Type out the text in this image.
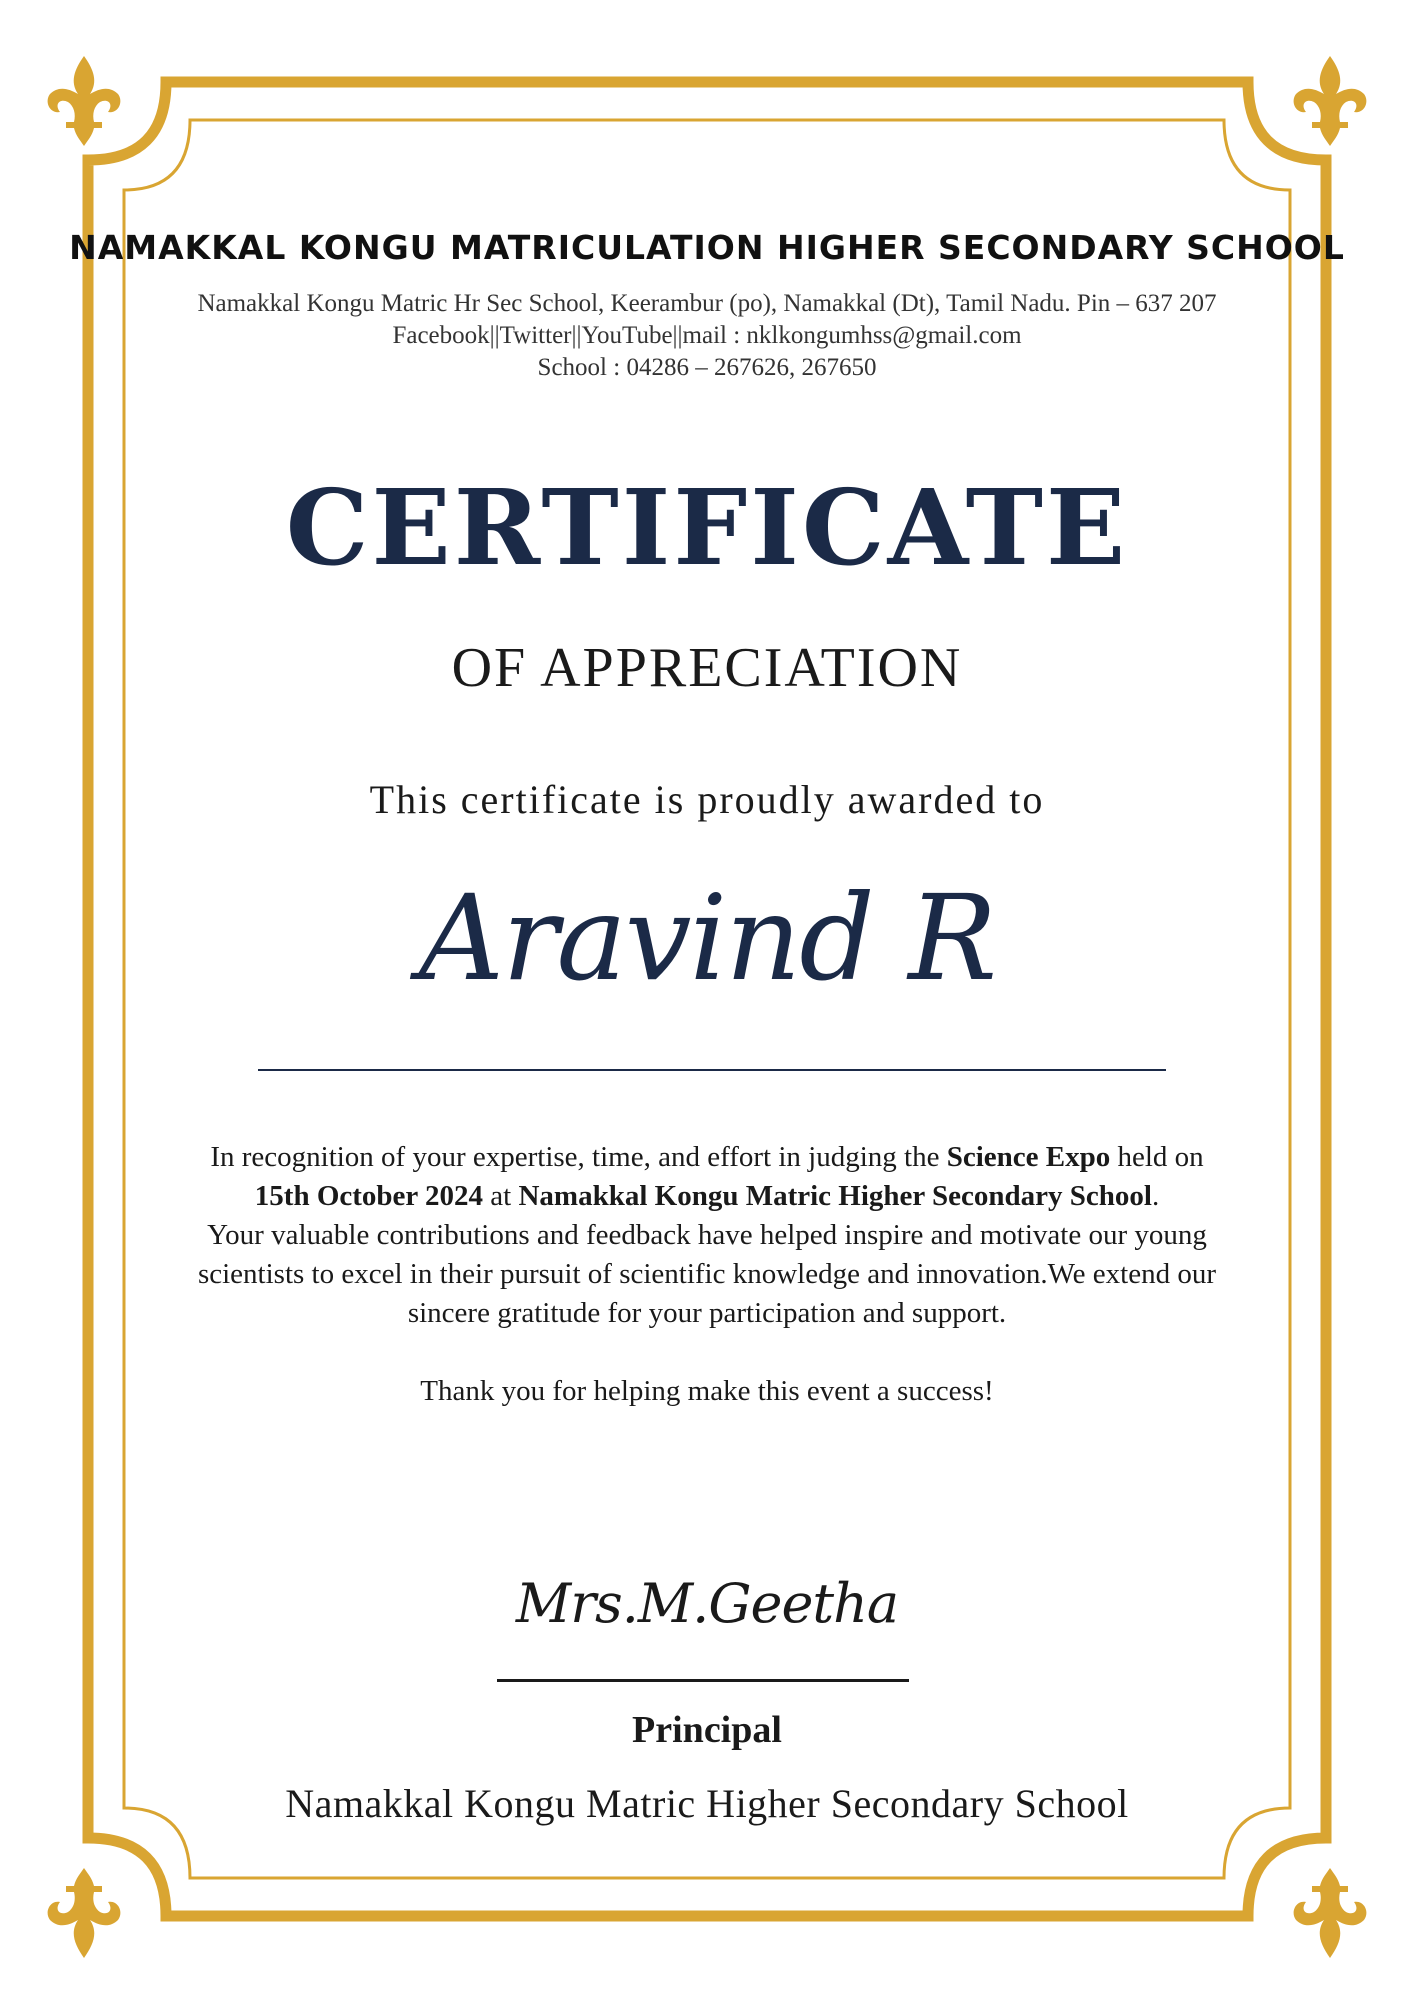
NAMAKKAL KONGU MATRICULATION HIGHER SECONDARY SCHOOL
Namakkal Kongu Matric Hr Sec School, Keerambur (po), Namakkal (Dt), Tamil Nadu. Pin – 637 207
Facebook||Twitter||YouTube||mail : nklkongumhss@gmail.com
School : 04286 – 267626, 267650
CERTIFICATE
OF APPRECIATION
This certificate is proudly awarded to
Aravind R
In recognition of your expertise, time, and effort in judging the Science Expo held on
15th October 2024 at Namakkal Kongu Matric Higher Secondary School.
Your valuable contributions and feedback have helped inspire and motivate our young
scientists to excel in their pursuit of scientific knowledge and innovation.We extend our
sincere gratitude for your participation and support.
Thank you for helping make this event a success!
Mrs.M.Geetha
Principal
Namakkal Kongu Matric Higher Secondary School
